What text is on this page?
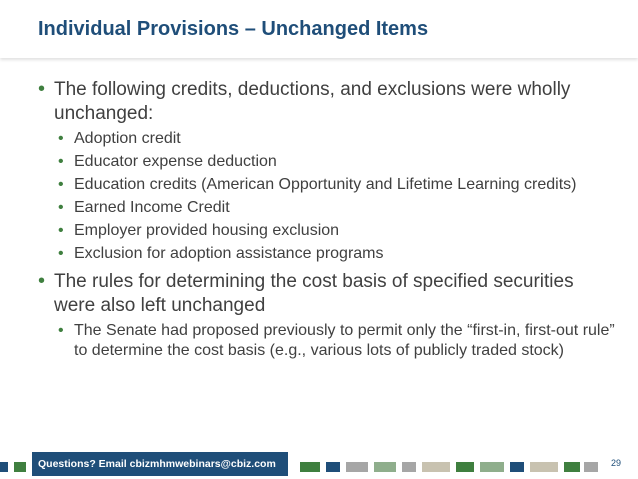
Individual Provisions – Unchanged Items
• The following credits, deductions, and exclusions were wholly unchanged:
• Adoption credit
• Educator expense deduction
• Education credits (American Opportunity and Lifetime Learning credits)
• Earned Income Credit
• Employer provided housing exclusion
• Exclusion for adoption assistance programs
• The rules for determining the cost basis of specified securities were also left unchanged
• The Senate had proposed previously to permit only the “first-in, first-out rule” to determine the cost basis (e.g., various lots of publicly traded stock)
Questions? Email cbizmhmwebinars@cbiz.com	29
